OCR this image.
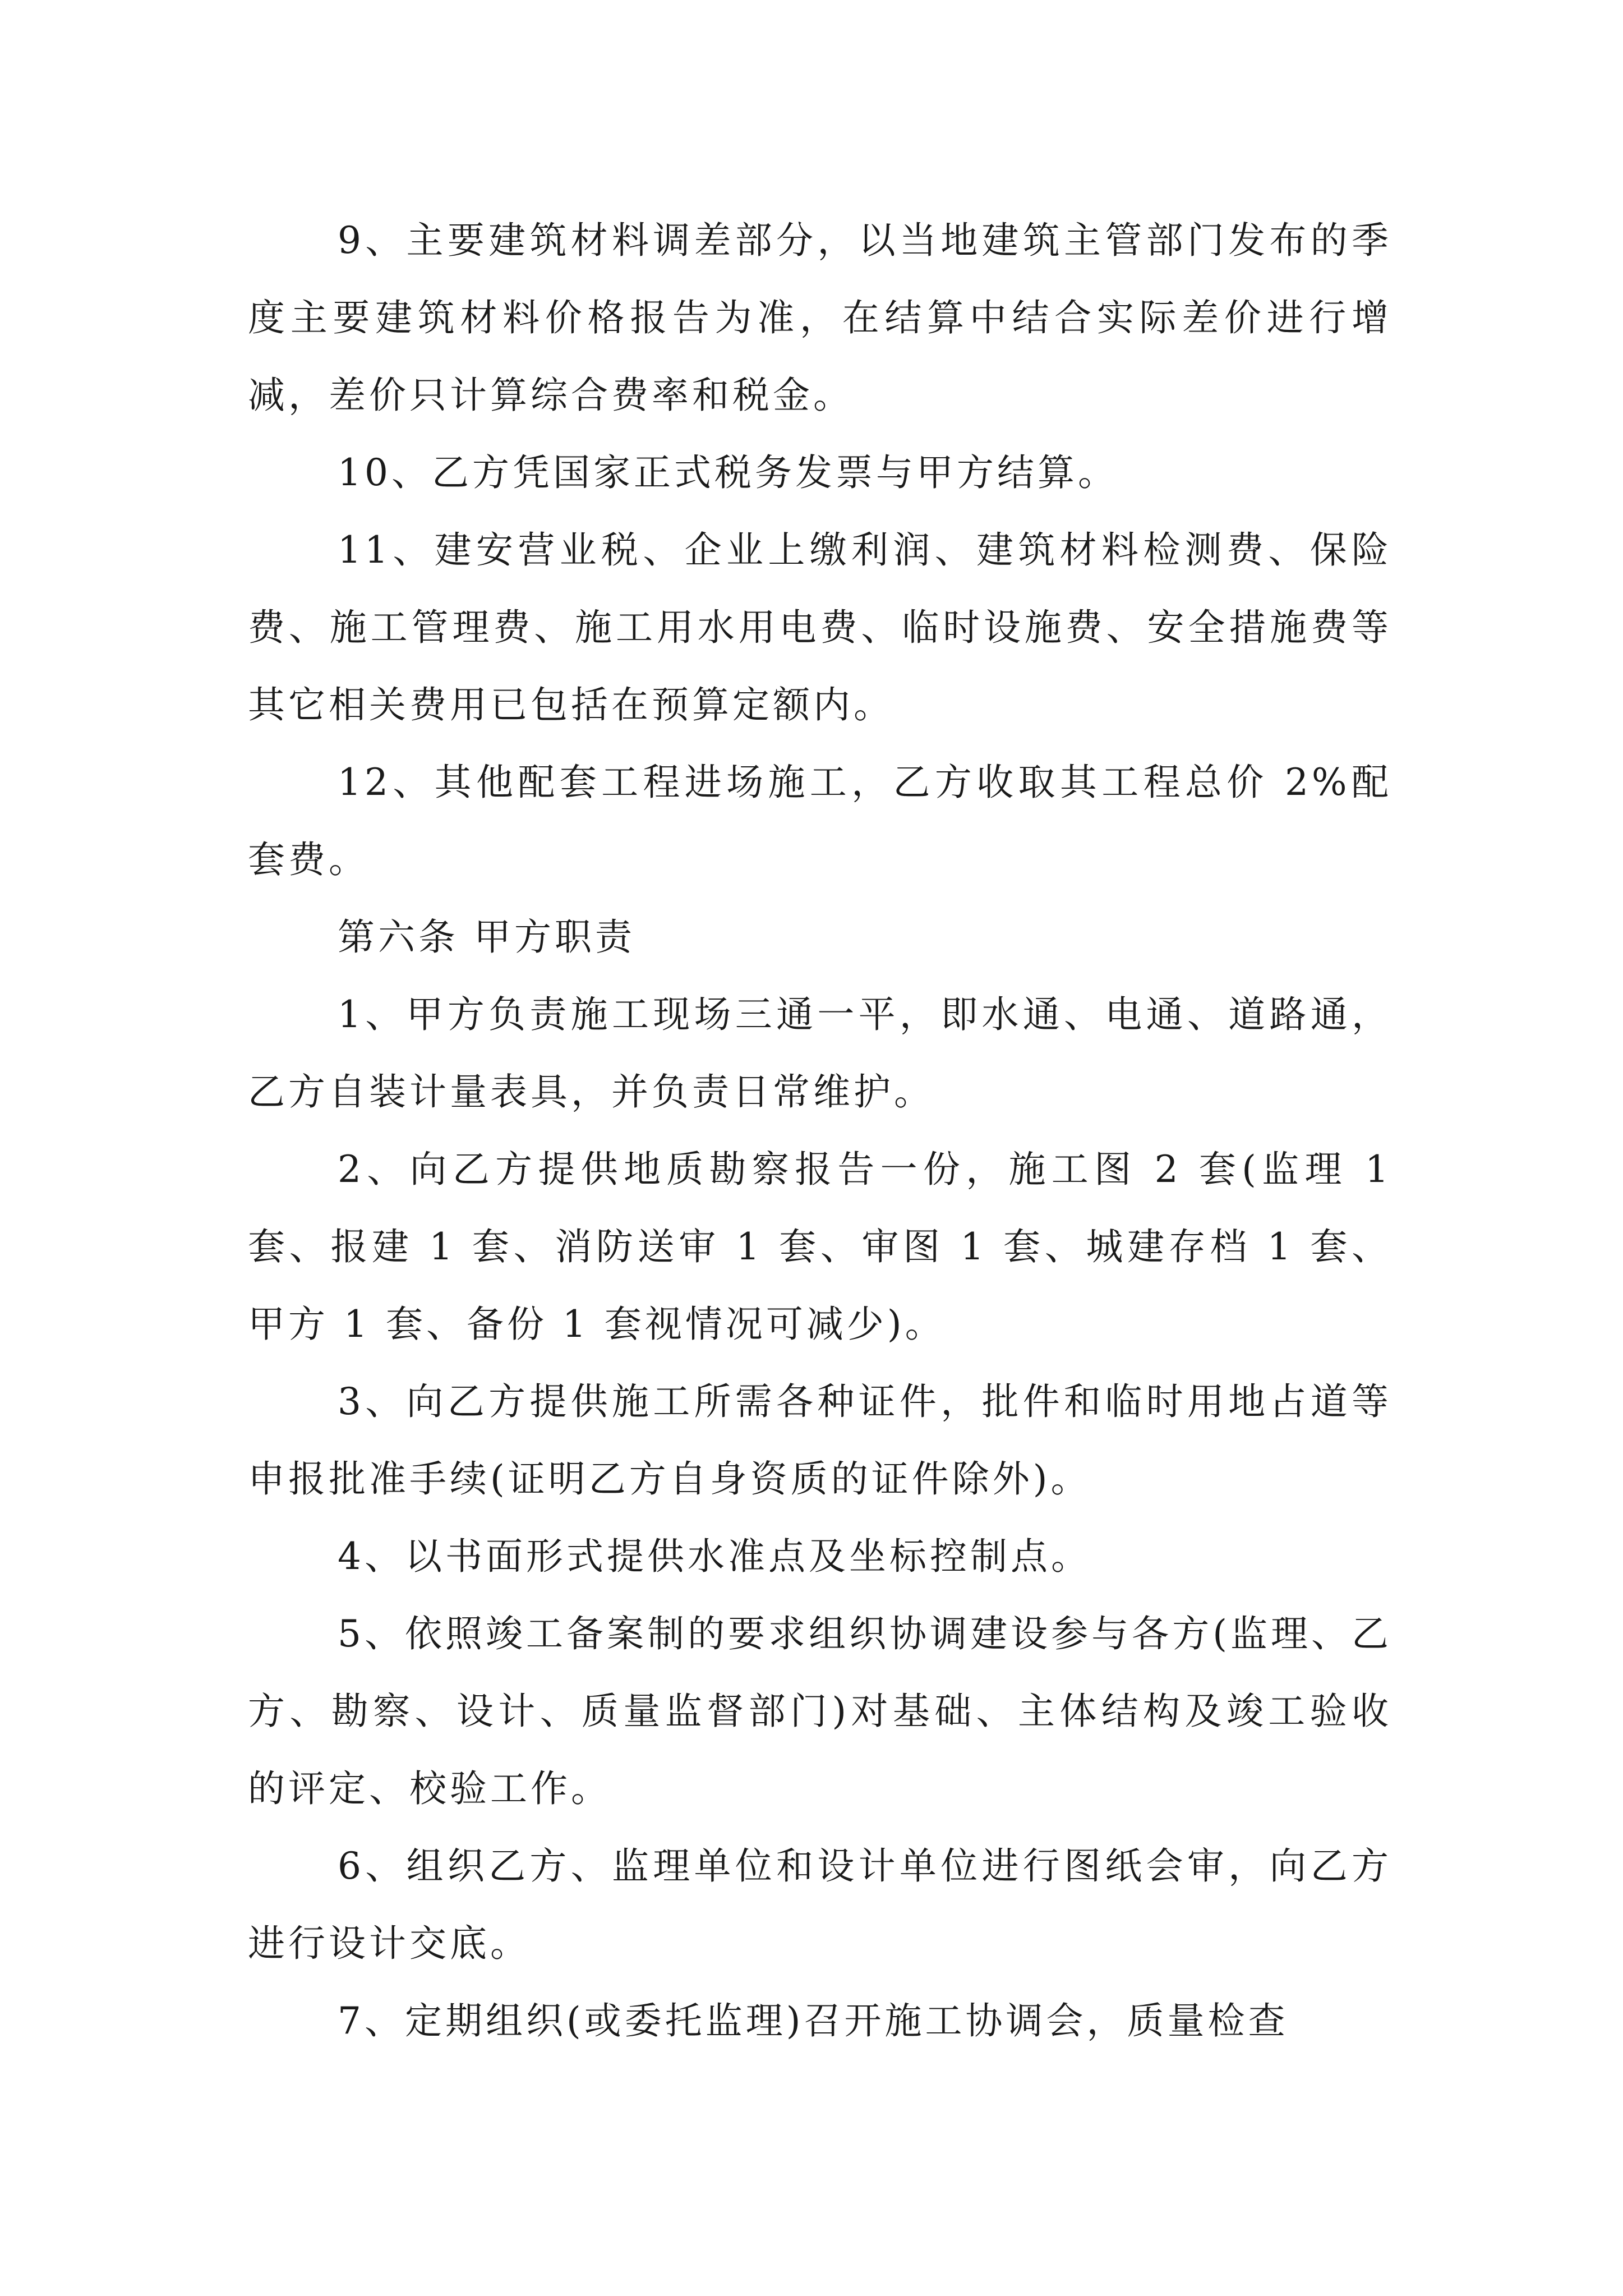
9、主要建筑材料调差部分，以当地建筑主管部门发布的季度主要建筑材料价格报告为准，在结算中结合实际差价进行增减，差价只计算综合费率和税金。

10、乙方凭国家正式税务发票与甲方结算。

11、建安营业税、企业上缴利润、建筑材料检测费、保险费、施工管理费、施工用水用电费、临时设施费、安全措施费等其它相关费用已包括在预算定额内。

12、其他配套工程进场施工，乙方收取其工程总价 2%配套费。

第六条 甲方职责

1、甲方负责施工现场三通一平，即水通、电通、道路通，乙方自装计量表具，并负责日常维护。

2、向乙方提供地质勘察报告一份，施工图 2 套(监理 1 套、报建 1 套、消防送审 1 套、审图 1 套、城建存档 1 套、甲方 1 套、备份 1 套视情况可减少)。

3、向乙方提供施工所需各种证件，批件和临时用地占道等申报批准手续(证明乙方自身资质的证件除外)。

4、以书面形式提供水准点及坐标控制点。

5、依照竣工备案制的要求组织协调建设参与各方(监理、乙方、勘察、设计、质量监督部门)对基础、主体结构及竣工验收的评定、校验工作。

6、组织乙方、监理单位和设计单位进行图纸会审，向乙方进行设计交底。

7、定期组织(或委托监理)召开施工协调会，质量检查
